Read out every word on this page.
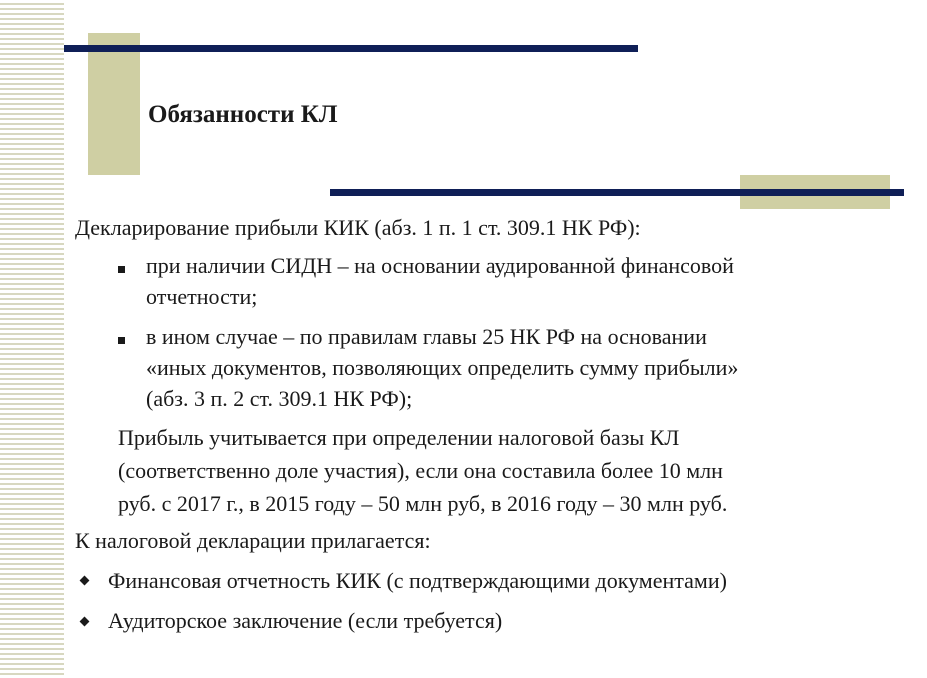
Обязанности КЛ

Декларирование прибыли КИК (абз. 1 п. 1 ст. 309.1 НК РФ):

при наличии СИДН – на основании аудированной финансовой

отчетности;

в ином случае – по правилам главы 25 НК РФ на основании

«иных документов, позволяющих определить сумму прибыли»

(абз. 3 п. 2 ст. 309.1 НК РФ);

Прибыль учитывается при определении налоговой базы КЛ

(соответственно доле участия), если она составила более 10 млн

руб. с 2017 г., в 2015 году – 50 млн руб, в 2016 году – 30 млн руб.

К налоговой декларации прилагается:

Финансовая отчетность КИК (с подтверждающими документами)

Аудиторское заключение (если требуется)
